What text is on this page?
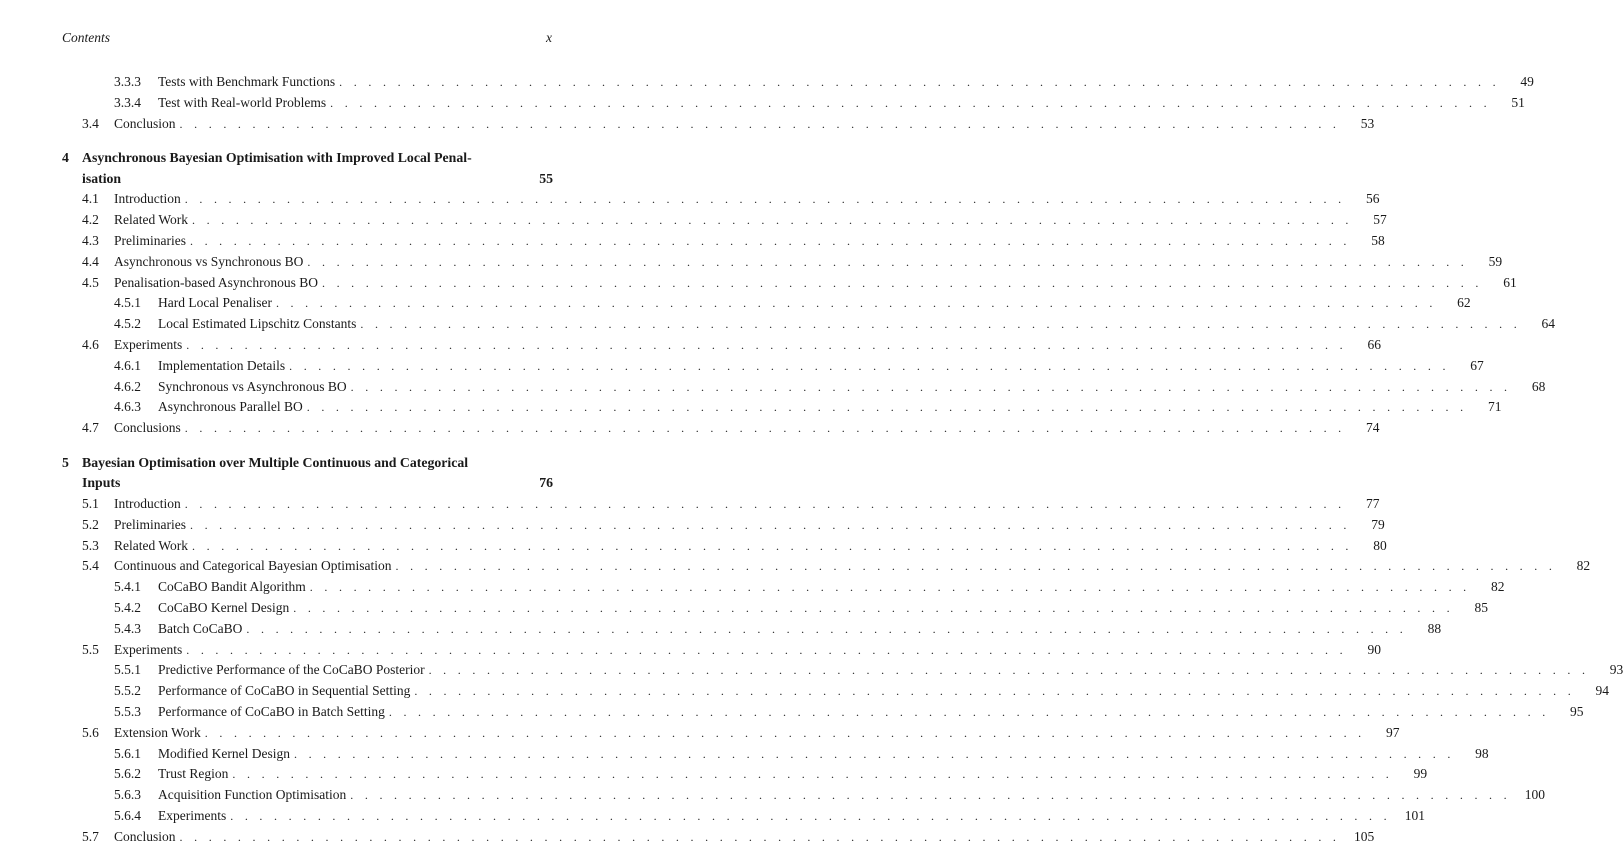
Contents	x
3.3.3 Tests with Benchmark Functions . . . . . . . . . . . . . . . . . . . . . . . . . . . . . . . . . . . . . . . . . . . . . . . . . . . . . . . . . . . . . . . . . . . . . . . . . . . . . . . .	49
3.3.4 Test with Real-world Problems . . . . . . . . . . . . . . . . . . . . . . . . . . . . . . . . . . . . . . . . . . . . . . . . . . . . . . . . . . . . . . . . . . . . . . . . . . . . . . . .	51
3.4 Conclusion . . . . . . . . . . . . . . . . . . . . . . . . . . . . . . . . . . . . . . . . . . . . . . . . . . . . . . . . . . . . . . . . . . . . . . . . . . . . . . . .	53
4 Asynchronous Bayesian Optimisation with Improved Local Penal-
isation	55
4.1 Introduction . . . . . . . . . . . . . . . . . . . . . . . . . . . . . . . . . . . . . . . . . . . . . . . . . . . . . . . . . . . . . . . . . . . . . . . . . . . . . . . .	56
4.2 Related Work . . . . . . . . . . . . . . . . . . . . . . . . . . . . . . . . . . . . . . . . . . . . . . . . . . . . . . . . . . . . . . . . . . . . . . . . . . . . . . . .	57
4.3 Preliminaries . . . . . . . . . . . . . . . . . . . . . . . . . . . . . . . . . . . . . . . . . . . . . . . . . . . . . . . . . . . . . . . . . . . . . . . . . . . . . . . .	58
4.4 Asynchronous vs Synchronous BO . . . . . . . . . . . . . . . . . . . . . . . . . . . . . . . . . . . . . . . . . . . . . . . . . . . . . . . . . . . . . . . . . . . . . . . . . . . . . . . .	59
4.5 Penalisation-based Asynchronous BO . . . . . . . . . . . . . . . . . . . . . . . . . . . . . . . . . . . . . . . . . . . . . . . . . . . . . . . . . . . . . . . . . . . . . . . . . . . . . . . .	61
4.5.1 Hard Local Penaliser . . . . . . . . . . . . . . . . . . . . . . . . . . . . . . . . . . . . . . . . . . . . . . . . . . . . . . . . . . . . . . . . . . . . . . . . . . . . . . . .	62
4.5.2 Local Estimated Lipschitz Constants . . . . . . . . . . . . . . . . . . . . . . . . . . . . . . . . . . . . . . . . . . . . . . . . . . . . . . . . . . . . . . . . . . . . . . . . . . . . . . . .	64
4.6 Experiments . . . . . . . . . . . . . . . . . . . . . . . . . . . . . . . . . . . . . . . . . . . . . . . . . . . . . . . . . . . . . . . . . . . . . . . . . . . . . . . .	66
4.6.1 Implementation Details . . . . . . . . . . . . . . . . . . . . . . . . . . . . . . . . . . . . . . . . . . . . . . . . . . . . . . . . . . . . . . . . . . . . . . . . . . . . . . . .	67
4.6.2 Synchronous vs Asynchronous BO . . . . . . . . . . . . . . . . . . . . . . . . . . . . . . . . . . . . . . . . . . . . . . . . . . . . . . . . . . . . . . . . . . . . . . . . . . . . . . . .	68
4.6.3 Asynchronous Parallel BO . . . . . . . . . . . . . . . . . . . . . . . . . . . . . . . . . . . . . . . . . . . . . . . . . . . . . . . . . . . . . . . . . . . . . . . . . . . . . . . .	71
4.7 Conclusions . . . . . . . . . . . . . . . . . . . . . . . . . . . . . . . . . . . . . . . . . . . . . . . . . . . . . . . . . . . . . . . . . . . . . . . . . . . . . . . .	74
5 Bayesian Optimisation over Multiple Continuous and Categorical
Inputs	76
5.1 Introduction . . . . . . . . . . . . . . . . . . . . . . . . . . . . . . . . . . . . . . . . . . . . . . . . . . . . . . . . . . . . . . . . . . . . . . . . . . . . . . . .	77
5.2 Preliminaries . . . . . . . . . . . . . . . . . . . . . . . . . . . . . . . . . . . . . . . . . . . . . . . . . . . . . . . . . . . . . . . . . . . . . . . . . . . . . . . .	79
5.3 Related Work . . . . . . . . . . . . . . . . . . . . . . . . . . . . . . . . . . . . . . . . . . . . . . . . . . . . . . . . . . . . . . . . . . . . . . . . . . . . . . . .	80
5.4 Continuous and Categorical Bayesian Optimisation . . . . . . . . . . . . . . . . . . . . . . . . . . . . . . . . . . . . . . . . . . . . . . . . . . . . . . . . . . . . . . . . . . . . . . . . . . . . . . . .	82
5.4.1 CoCaBO Bandit Algorithm . . . . . . . . . . . . . . . . . . . . . . . . . . . . . . . . . . . . . . . . . . . . . . . . . . . . . . . . . . . . . . . . . . . . . . . . . . . . . . . .	82
5.4.2 CoCaBO Kernel Design . . . . . . . . . . . . . . . . . . . . . . . . . . . . . . . . . . . . . . . . . . . . . . . . . . . . . . . . . . . . . . . . . . . . . . . . . . . . . . . .	85
5.4.3 Batch CoCaBO . . . . . . . . . . . . . . . . . . . . . . . . . . . . . . . . . . . . . . . . . . . . . . . . . . . . . . . . . . . . . . . . . . . . . . . . . . . . . . . .	88
5.5 Experiments . . . . . . . . . . . . . . . . . . . . . . . . . . . . . . . . . . . . . . . . . . . . . . . . . . . . . . . . . . . . . . . . . . . . . . . . . . . . . . . .	90
5.5.1 Predictive Performance of the CoCaBO Posterior . . . . . . . . . . . . . . . . . . . . . . . . . . . . . . . . . . . . . . . . . . . . . . . . . . . . . . . . . . . . . . . . . . . . . . . . . . . . . . . .	93
5.5.2 Performance of CoCaBO in Sequential Setting . . . . . . . . . . . . . . . . . . . . . . . . . . . . . . . . . . . . . . . . . . . . . . . . . . . . . . . . . . . . . . . . . . . . . . . . . . . . . . . .	94
5.5.3 Performance of CoCaBO in Batch Setting . . . . . . . . . . . . . . . . . . . . . . . . . . . . . . . . . . . . . . . . . . . . . . . . . . . . . . . . . . . . . . . . . . . . . . . . . . . . . . . .	95
5.6 Extension Work . . . . . . . . . . . . . . . . . . . . . . . . . . . . . . . . . . . . . . . . . . . . . . . . . . . . . . . . . . . . . . . . . . . . . . . . . . . . . . . .	97
5.6.1 Modified Kernel Design . . . . . . . . . . . . . . . . . . . . . . . . . . . . . . . . . . . . . . . . . . . . . . . . . . . . . . . . . . . . . . . . . . . . . . . . . . . . . . . .	98
5.6.2 Trust Region . . . . . . . . . . . . . . . . . . . . . . . . . . . . . . . . . . . . . . . . . . . . . . . . . . . . . . . . . . . . . . . . . . . . . . . . . . . . . . . .	99
5.6.3 Acquisition Function Optimisation . . . . . . . . . . . . . . . . . . . . . . . . . . . . . . . . . . . . . . . . . . . . . . . . . . . . . . . . . . . . . . . . . . . . . . . . . . . . . . . .	100
5.6.4 Experiments . . . . . . . . . . . . . . . . . . . . . . . . . . . . . . . . . . . . . . . . . . . . . . . . . . . . . . . . . . . . . . . . . . . . . . . . . . . . . . . .	101
5.7 Conclusion . . . . . . . . . . . . . . . . . . . . . . . . . . . . . . . . . . . . . . . . . . . . . . . . . . . . . . . . . . . . . . . . . . . . . . . . . . . . . . . .	105
